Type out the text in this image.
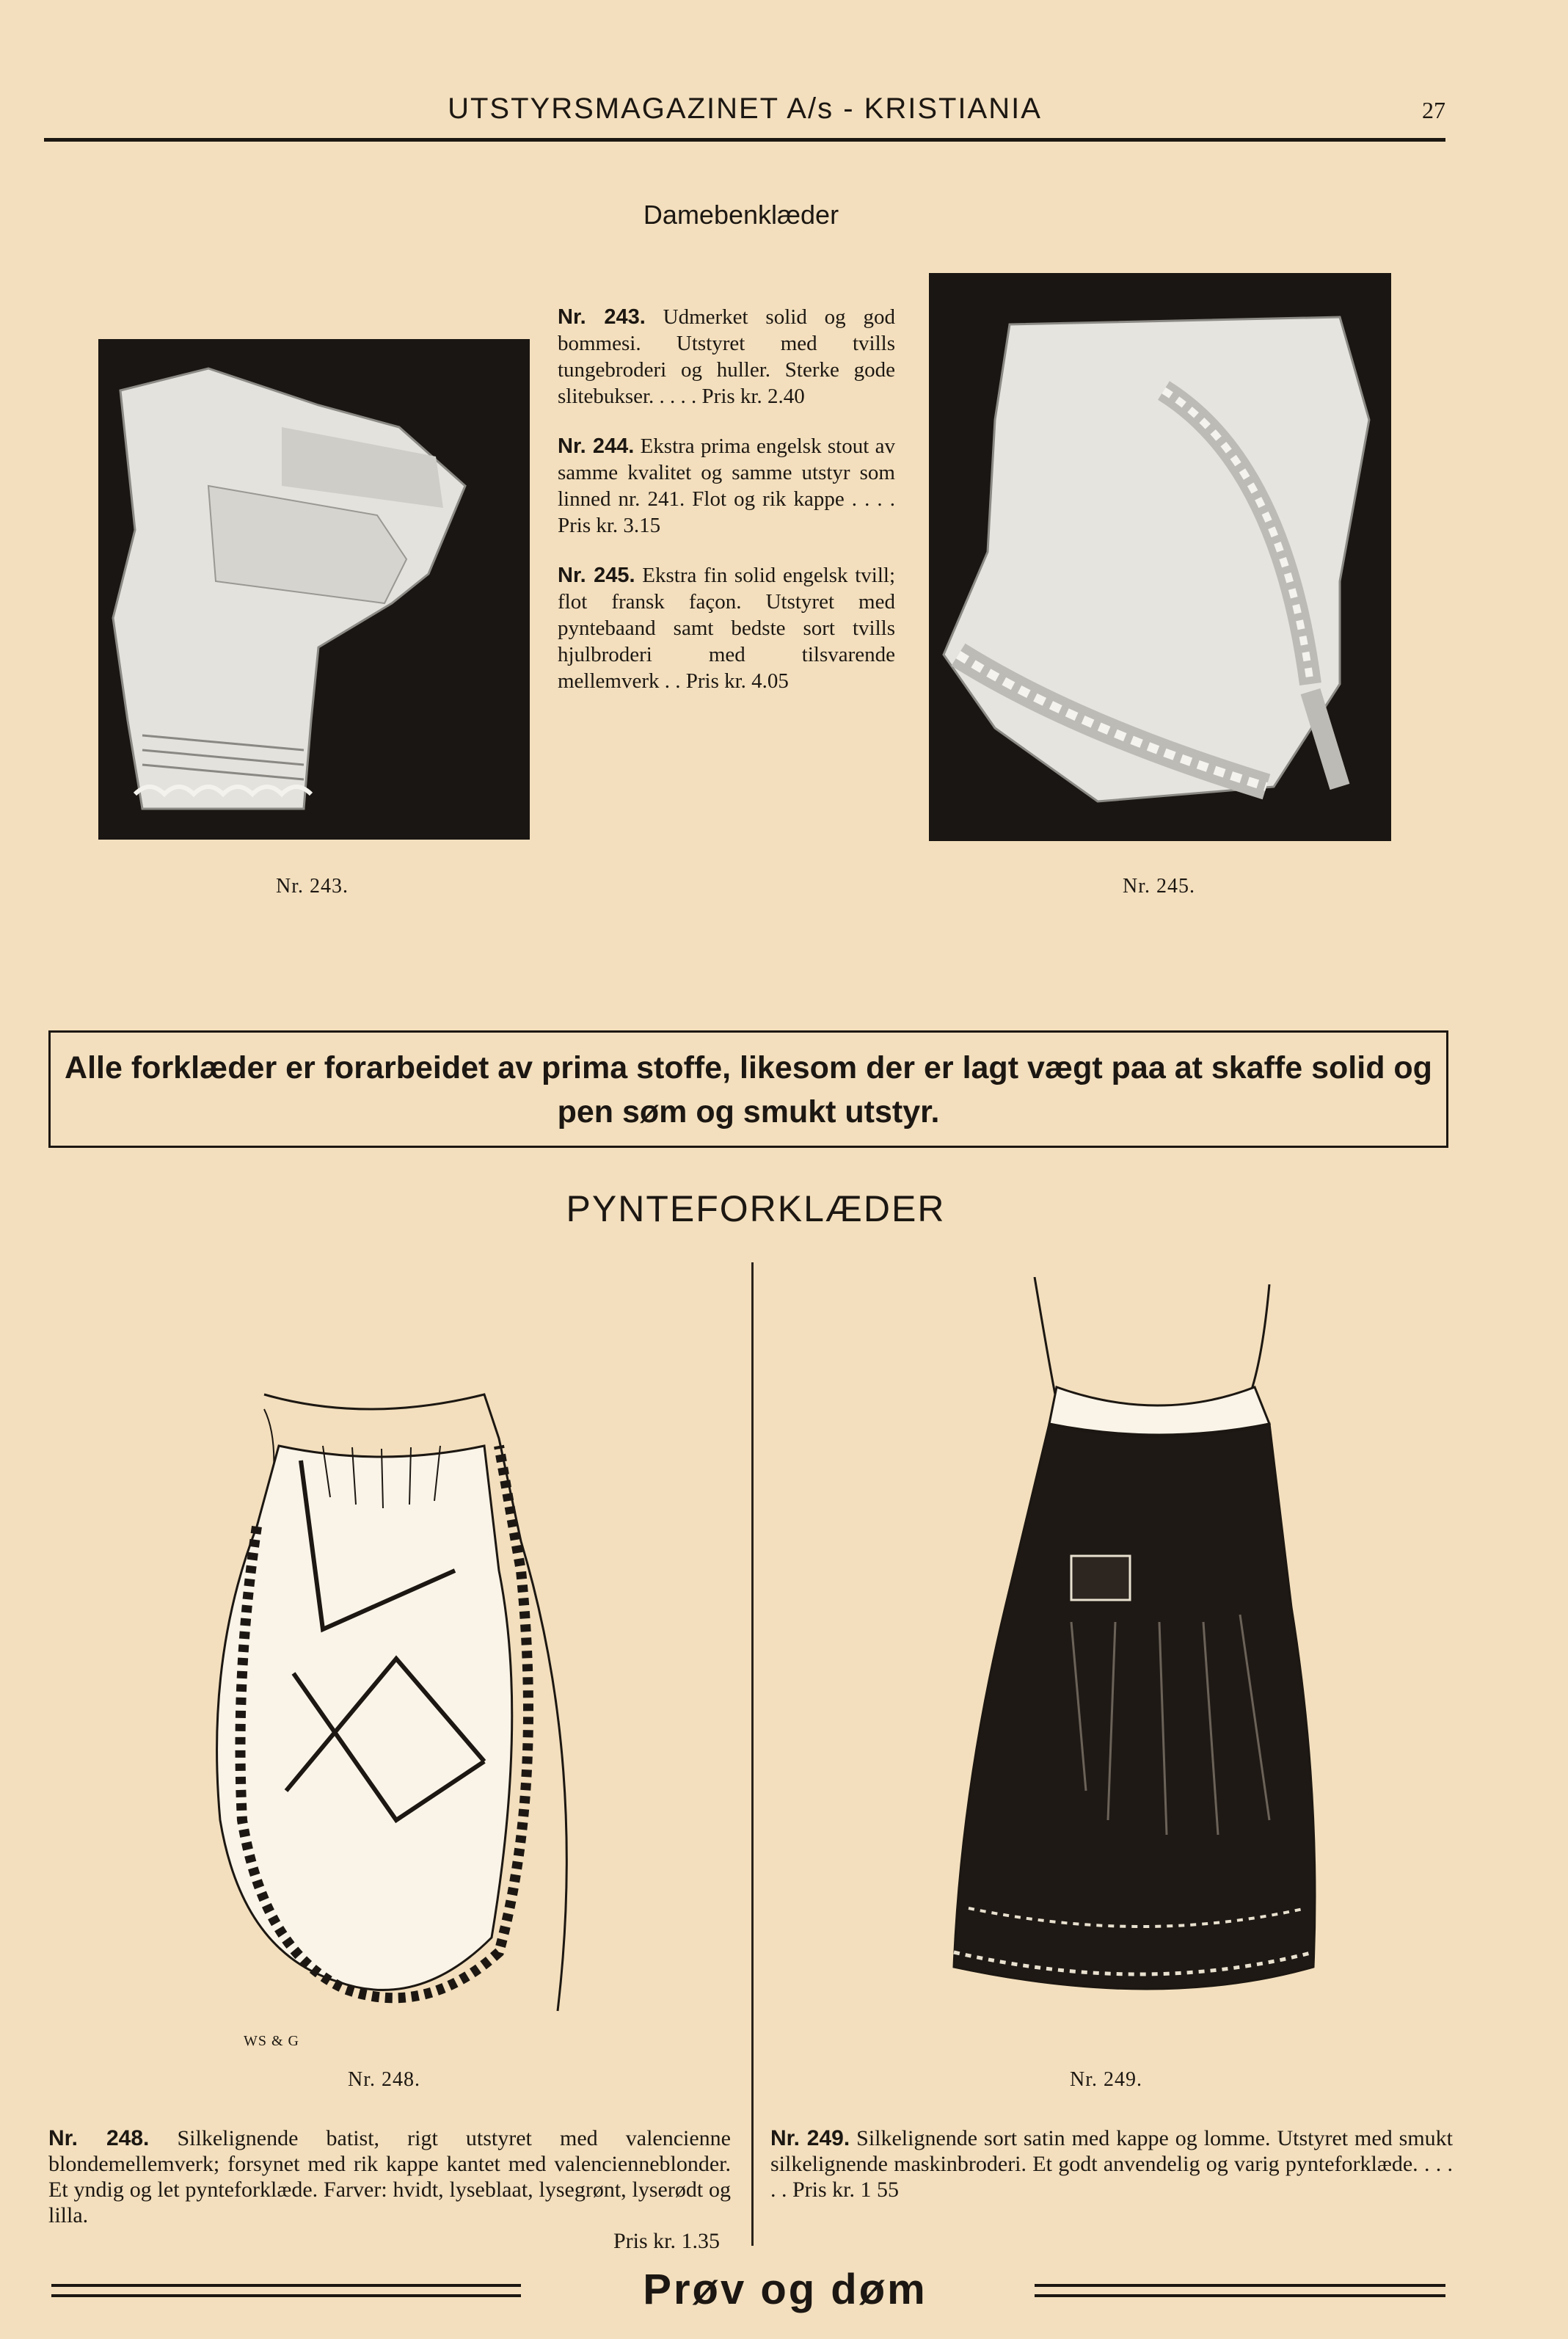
UTSTYRSMAGAZINET A/s - KRISTIANIA	27
Damebenklæder

Nr. 243. Udmerket solid og god bommesi. Utstyret med tvills tungebroderi og huller. Sterke gode slitebukser. . . . . Pris kr. 2.40

Nr. 244. Ekstra prima engelsk stout av samme kvalitet og samme utstyr som linned nr. 241. Flot og rik kappe . . . . Pris kr. 3.15

Nr. 245. Ekstra fin solid engelsk tvill; flot fransk façon. Utstyret med pyntebaand samt bedste sort tvills hjulbroderi med tilsvarende mellemverk . . Pris kr. 4.05

Nr. 243.	Nr. 245.
Alle forklæder er forarbeidet av prima stoffe, likesom der er lagt vægt paa at skaffe solid og pen søm og smukt utstyr.
PYNTEFORKLÆDER
WS & G
Nr. 248.	Nr. 249.
Nr. 248. Silkelignende batist, rigt utstyret med valencienne blondemellemverk; forsynet med rik kappe kantet med valencienneblonder. Et yndig og let pynteforklæde. Farver: hvidt, lyseblaat, lysegrønt, lyserødt og lilla.
Pris kr. 1.35
Nr. 249. Silkelignende sort satin med kappe og lomme. Utstyret med smukt silkelignende maskinbroderi. Et godt anvendelig og varig pynteforklæde. . . . . . Pris kr. 1 55
Prøv og døm
